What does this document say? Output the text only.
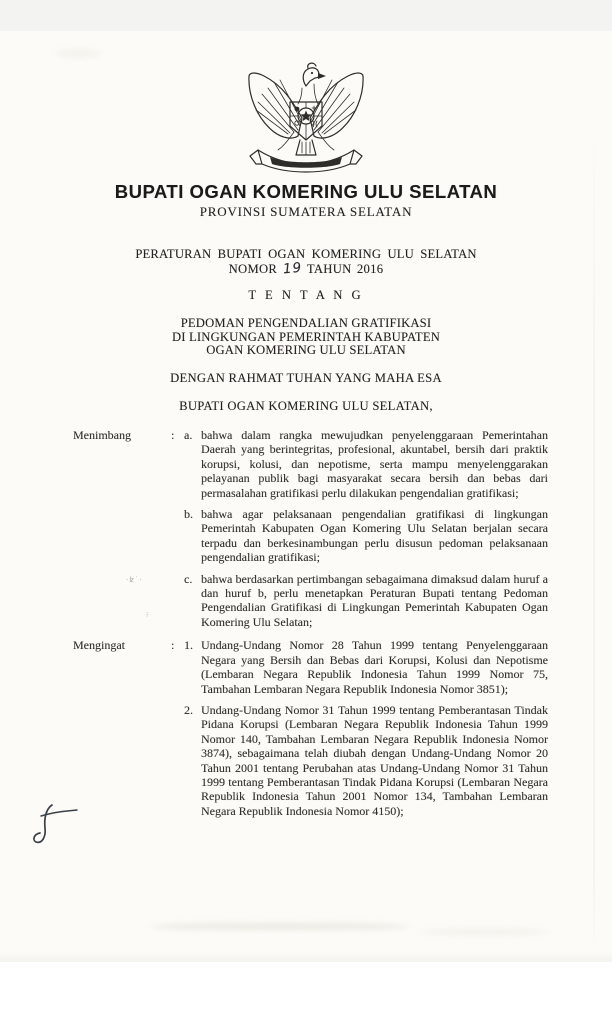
BUPATI OGAN KOMERING ULU SELATAN
PROVINSI SUMATERA SELATAN
PERATURAN BUPATI OGAN KOMERING ULU SELATAN
NOMOR 19 TAHUN 2016
T E N T A N G
PEDOMAN PENGENDALIAN GRATIFIKASI
DI LINGKUNGAN PEMERINTAH KABUPATEN
OGAN KOMERING ULU SELATAN
DENGAN RAHMAT TUHAN YANG MAHA ESA
BUPATI OGAN KOMERING ULU SELATAN,
Menimbang	: a. bahwa dalam rangka mewujudkan penyelenggaraan Pemerintahan Daerah yang berintegritas, profesional, akuntabel, bersih dari praktik korupsi, kolusi, dan nepotisme, serta mampu menyelenggarakan pelayanan publik bagi masyarakat secara bersih dan bebas dari permasalahan gratifikasi perlu dilakukan pengendalian gratifikasi;
b. bahwa agar pelaksanaan pengendalian gratifikasi di lingkungan Pemerintah Kabupaten Ogan Komering Ulu Selatan berjalan secara terpadu dan berkesinambungan perlu disusun pedoman pelaksanaan pengendalian gratifikasi;
c. bahwa berdasarkan pertimbangan sebagaimana dimaksud dalam huruf a dan huruf b, perlu menetapkan Peraturan Bupati tentang Pedoman Pengendalian Gratifikasi di Lingkungan Pemerintah Kabupaten Ogan Komering Ulu Selatan;
Mengingat	: 1. Undang-Undang Nomor 28 Tahun 1999 tentang Penyelenggaraan Negara yang Bersih dan Bebas dari Korupsi, Kolusi dan Nepotisme (Lembaran Negara Republik Indonesia Tahun 1999 Nomor 75, Tambahan Lembaran Negara Republik Indonesia Nomor 3851);
2. Undang-Undang Nomor 31 Tahun 1999 tentang Pemberantasan Tindak Pidana Korupsi (Lembaran Negara Republik Indonesia Tahun 1999 Nomor 140, Tambahan Lembaran Negara Republik Indonesia Nomor 3874), sebagaimana telah diubah dengan Undang-Undang Nomor 20 Tahun 2001 tentang Perubahan atas Undang-Undang Nomor 31 Tahun 1999 tentang Pemberantasan Tindak Pidana Korupsi (Lembaran Negara Republik Indonesia Tahun 2001 Nomor 134, Tambahan Lembaran Negara Republik Indonesia Nomor 4150);
·ʫ˙·
⁝
